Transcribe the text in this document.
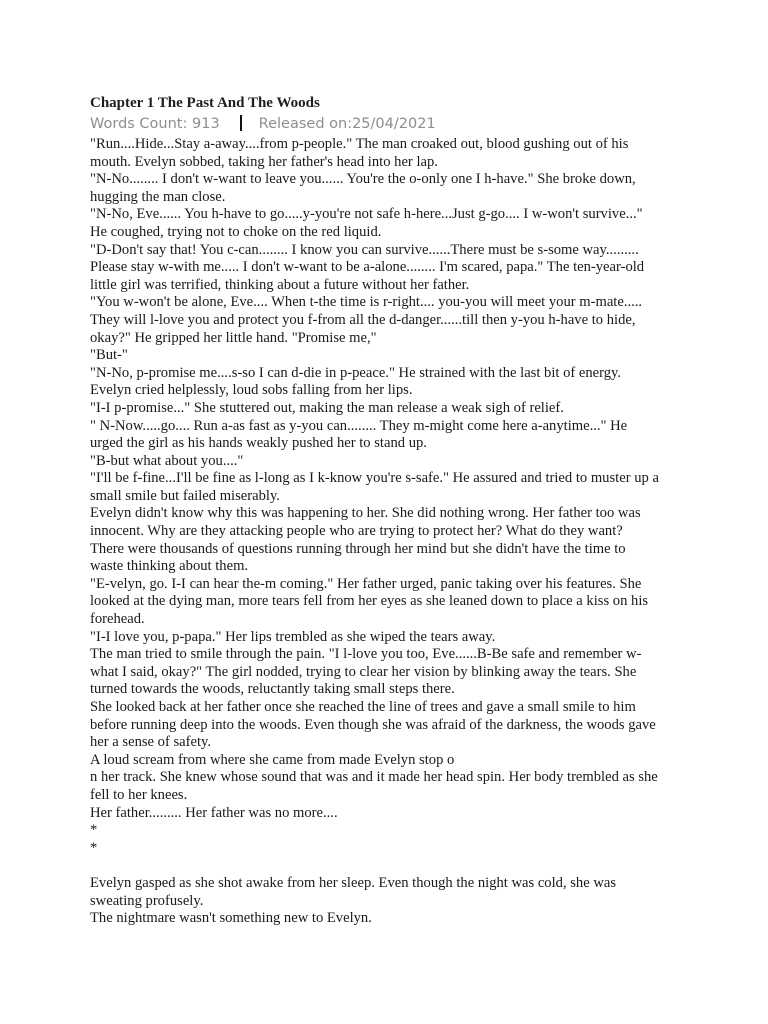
Chapter 1 The Past And The Woods
Words Count: 913	Released on:25/04/2021

"Run....Hide...Stay a-away....from p-people." The man croaked out, blood gushing out of his

mouth. Evelyn sobbed, taking her father's head into her lap.

"N-No........ I don't w-want to leave you...... You're the o-only one I h-have." She broke down,

hugging the man close.

"N-No, Eve...... You h-have to go.....y-you're not safe h-here...Just g-go.... I w-won't survive..."

He coughed, trying not to choke on the red liquid.

"D-Don't say that! You c-can........ I know you can survive......There must be s-some way.........

Please stay w-with me..... I don't w-want to be a-alone........ I'm scared, papa." The ten-year-old

little girl was terrified, thinking about a future without her father.

"You w-won't be alone, Eve.... When t-the time is r-right.... you-you will meet your m-mate.....

They will l-love you and protect you f-from all the d-danger......till then y-you h-have to hide,

okay?" He gripped her little hand. "Promise me,"

"But-"

"N-No, p-promise me....s-so I can d-die in p-peace." He strained with the last bit of energy.

Evelyn cried helplessly, loud sobs falling from her lips.

"I-I p-promise..." She stuttered out, making the man release a weak sigh of relief.

" N-Now.....go.... Run a-as fast as y-you can........ They m-might come here a-anytime..." He

urged the girl as his hands weakly pushed her to stand up.

"B-but what about you...."

"I'll be f-fine...I'll be fine as l-long as I k-know you're s-safe." He assured and tried to muster up a

small smile but failed miserably.

Evelyn didn't know why this was happening to her. She did nothing wrong. Her father too was

innocent. Why are they attacking people who are trying to protect her? What do they want?

There were thousands of questions running through her mind but she didn't have the time to

waste thinking about them.

"E-velyn, go. I-I can hear the-m coming." Her father urged, panic taking over his features. She

looked at the dying man, more tears fell from her eyes as she leaned down to place a kiss on his

forehead.

"I-I love you, p-papa." Her lips trembled as she wiped the tears away.

The man tried to smile through the pain. "I l-love you too, Eve......B-Be safe and remember w-

what I said, okay?" The girl nodded, trying to clear her vision by blinking away the tears. She

turned towards the woods, reluctantly taking small steps there.

She looked back at her father once she reached the line of trees and gave a small smile to him

before running deep into the woods. Even though she was afraid of the darkness, the woods gave

her a sense of safety.

A loud scream from where she came from made Evelyn stop o

n her track. She knew whose sound that was and it made her head spin. Her body trembled as she

fell to her knees.

Her father......... Her father was no more....

*

*

Evelyn gasped as she shot awake from her sleep. Even though the night was cold, she was

sweating profusely.

The nightmare wasn't something new to Evelyn.
